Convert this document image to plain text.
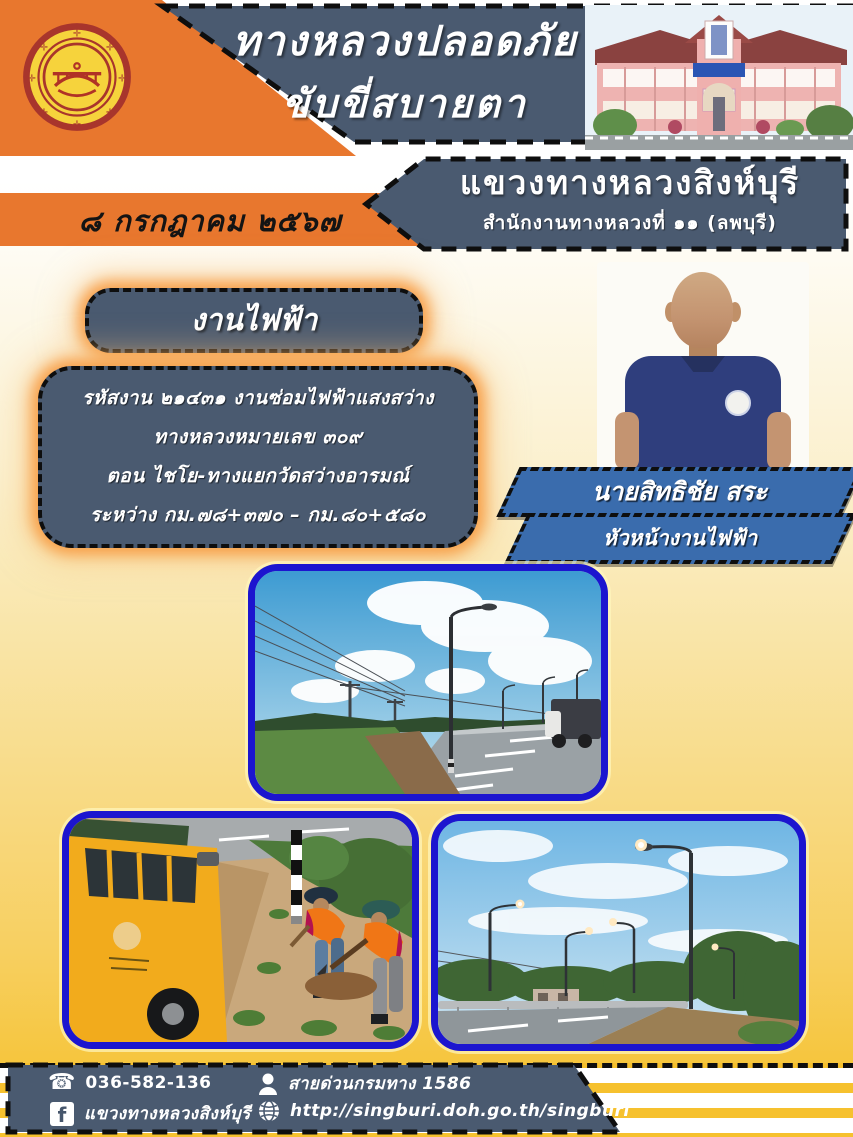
ทางหลวงปลอดภัย
ขับขี่สบายตา
✛
✛
✛	✛
✛	✛
✛	✛
๘ กรกฎาคม ๒๕๖๗
แขวงทางหลวงสิงห์บุรี
สำนักงานทางหลวงที่ ๑๑ (ลพบุรี)
งานไฟฟ้า
รหัสงาน ๒๑๔๓๑ งานซ่อมไฟฟ้าแสงสว่าง
ทางหลวงหมายเลข ๓๐๙
ตอน ไชโย-ทางแยกวัดสว่างอารมณ์
ระหว่าง กม.๗๘+๓๗๐ – กม.๘๐+๕๘๐
นายสิทธิชัย สระ
หัวหน้างานไฟฟ้า
☎ 036-582-136	สายด่วนกรมทาง 1586
f	แขวงทางหลวงสิงห์บุรี http://singburi.doh.go.th/singburi
